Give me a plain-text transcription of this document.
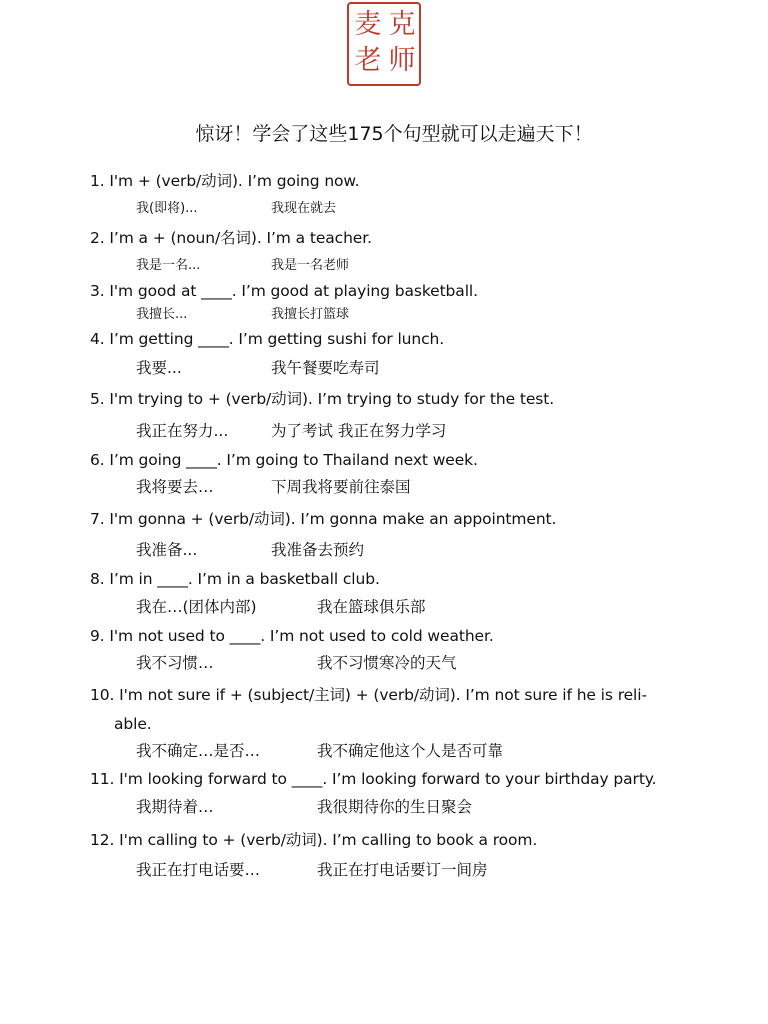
麦 克
老 师
惊讶！学会了这些175个句型就可以走遍天下！
1. I'm + (verb/动词). I’m going now.
我(即将)...	我现在就去
2. I’m a + (noun/名词). I’m a teacher.
我是一名...	我是一名老师
3. I'm good at ____. I’m good at playing basketball.
我擅长...	我擅长打篮球
4. I’m getting ____. I’m getting sushi for lunch.
我要...	我午餐要吃寿司
5. I'm trying to + (verb/动词). I’m trying to study for the test.
我正在努力...	为了考试 我正在努力学习
6. I’m going ____. I’m going to Thailand next week.
我将要去…	下周我将要前往泰国
7. I'm gonna + (verb/动词). I’m gonna make an appointment.
我准备...	我准备去预约
8. I’m in ____. I’m in a basketball club.
我在…(团体内部)	我在篮球俱乐部
9. I'm not used to ____. I’m not used to cold weather.
我不习惯…	我不习惯寒冷的天气
10. I'm not sure if + (subject/主词) + (verb/动词). I’m not sure if he is reli-
able.
我不确定…是否…	我不确定他这个人是否可靠
11. I'm looking forward to ____. I’m looking forward to your birthday party.
我期待着…	我很期待你的生日聚会
12. I'm calling to + (verb/动词). I’m calling to book a room.
我正在打电话要…	我正在打电话要订一间房
